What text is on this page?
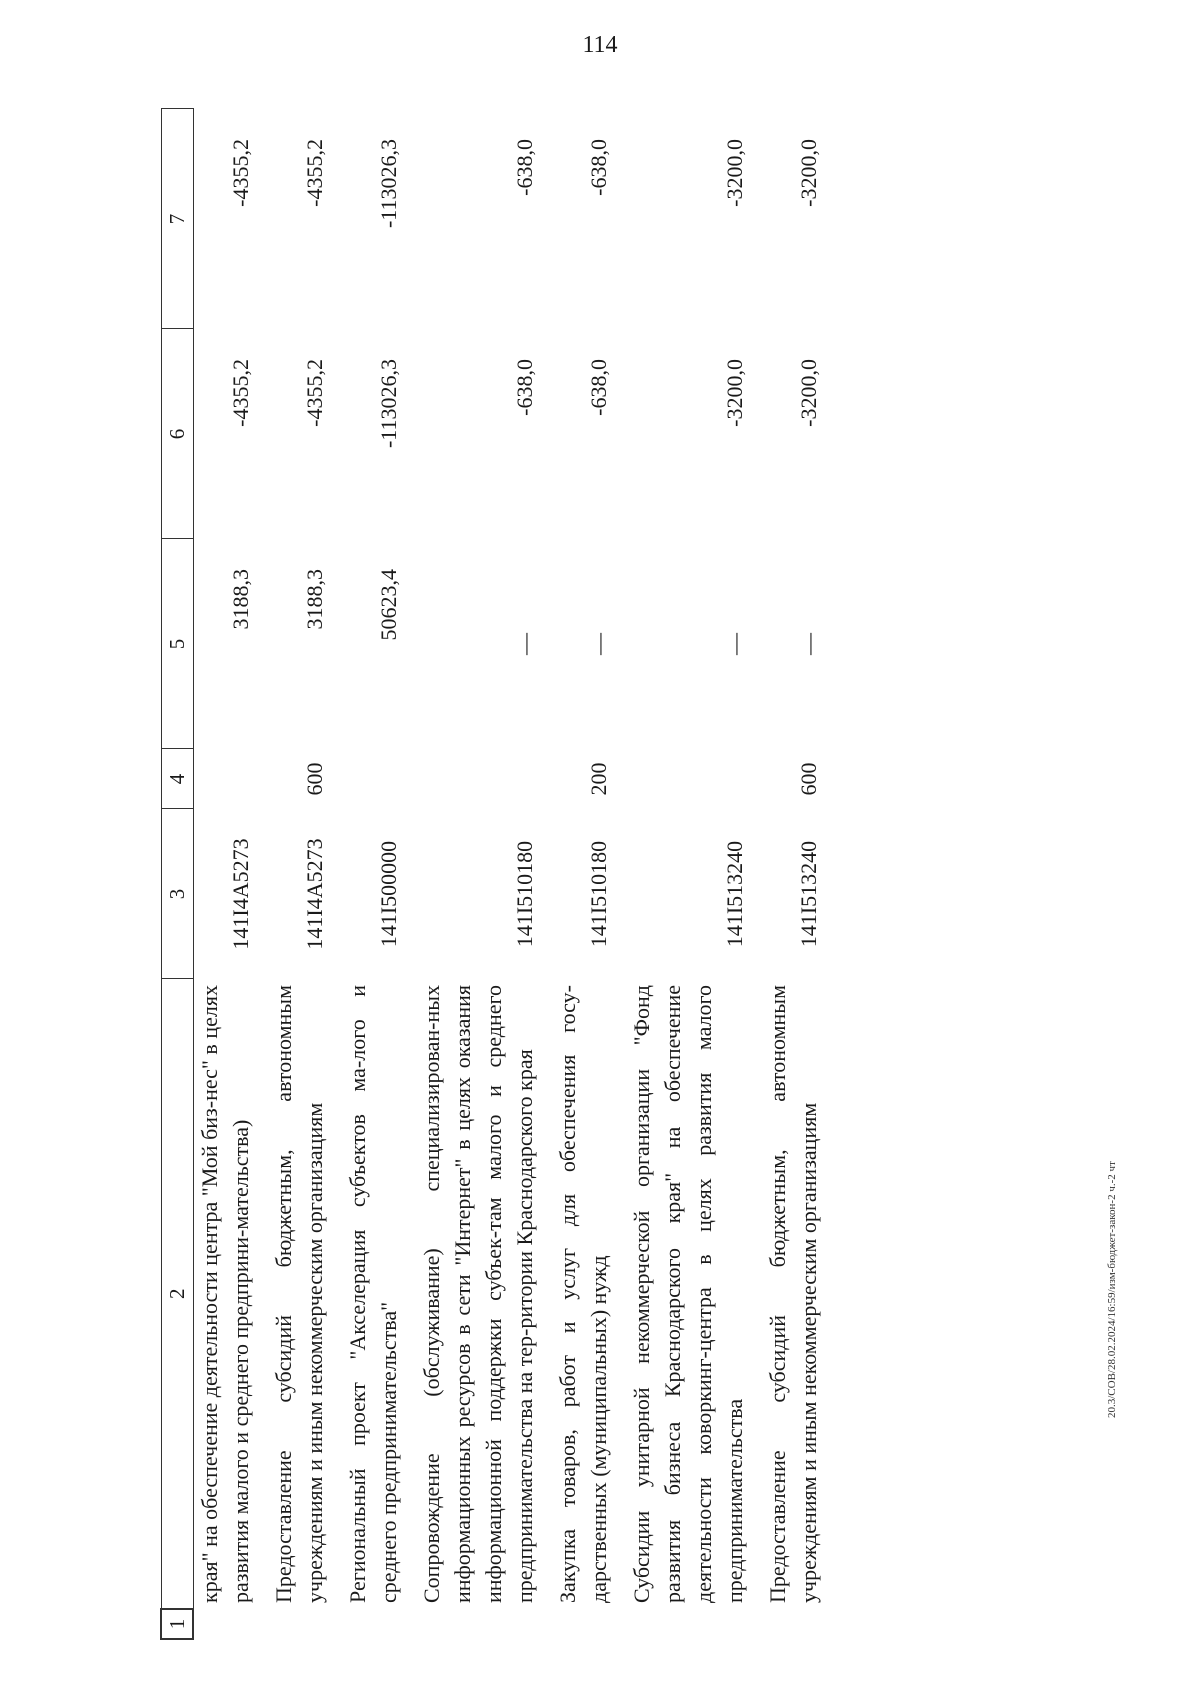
114
1	2	3	4	5	6	7
	края" на обеспечение деятельности центра "Мой биз-нес" в целях развития малого и среднего предприни-мательства)	141I4A5273		3188,3	-4355,2	-4355,2
	Предоставление субсидий бюджетным, автономным учреждениям и иным некоммерческим организациям	141I4A5273	600	3188,3	-4355,2	-4355,2
	Региональный проект "Акселерация субъектов ма-лого и среднего предпринимательства"	141I500000		50623,4	-113026,3	-113026,3
	Сопровождение (обслуживание) специализирован-ных информационных ресурсов в сети "Интернет" в целях оказания информационной поддержки субъек-там малого и среднего предпринимательства на тер-ритории Краснодарского края	141I510180		—	-638,0	-638,0
	Закупка товаров, работ и услуг для обеспечения госу-дарственных (муниципальных) нужд	141I510180	200	—	-638,0	-638,0
	Субсидии унитарной некоммерческой организации "Фонд развития бизнеса Краснодарского края" на обеспечение деятельности коворкинг-центра в целях развития малого предпринимательства	141I513240		—	-3200,0	-3200,0
	Предоставление субсидий бюджетным, автономным учреждениям и иным некоммерческим организациям	141I513240	600	—	-3200,0	-3200,0
20.3/СОВ/28.02.2024/16:59/изм-бюджет-закон-2 ч.-2 чт
